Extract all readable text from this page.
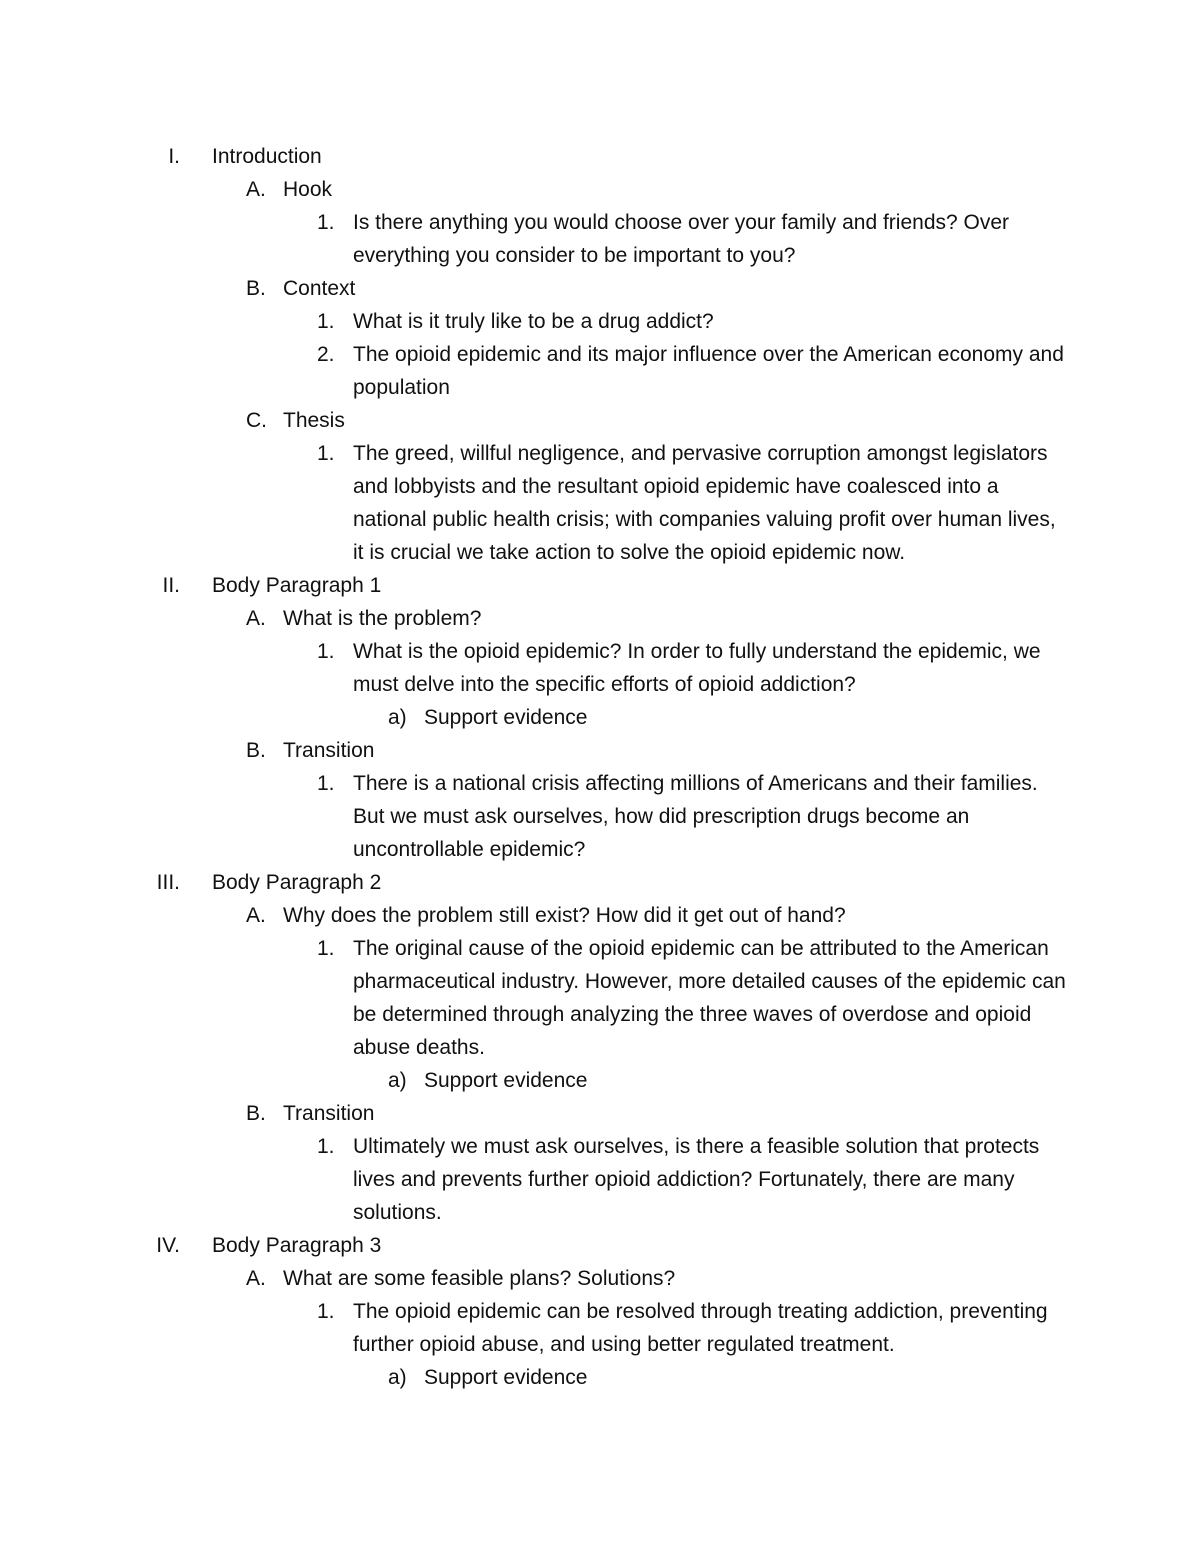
I. Introduction
A. Hook
1. Is there anything you would choose over your family and friends? Over everything you consider to be important to you?
B. Context
1. What is it truly like to be a drug addict?
2. The opioid epidemic and its major influence over the American economy and population
C. Thesis
1. The greed, willful negligence, and pervasive corruption amongst legislators and lobbyists and the resultant opioid epidemic have coalesced into a national public health crisis; with companies valuing profit over human lives, it is crucial we take action to solve the opioid epidemic now.
II. Body Paragraph 1
A. What is the problem?
1. What is the opioid epidemic? In order to fully understand the epidemic, we must delve into the specific efforts of opioid addiction?
a) Support evidence
B. Transition
1. There is a national crisis affecting millions of Americans and their families. But we must ask ourselves, how did prescription drugs become an uncontrollable epidemic?
III. Body Paragraph 2
A. Why does the problem still exist? How did it get out of hand?
1. The original cause of the opioid epidemic can be attributed to the American pharmaceutical industry. However, more detailed causes of the epidemic can be determined through analyzing the three waves of overdose and opioid abuse deaths.
a) Support evidence
B. Transition
1. Ultimately we must ask ourselves, is there a feasible solution that protects lives and prevents further opioid addiction? Fortunately, there are many solutions.
IV. Body Paragraph 3
A. What are some feasible plans? Solutions?
1. The opioid epidemic can be resolved through treating addiction, preventing further opioid abuse, and using better regulated treatment.
a) Support evidence
